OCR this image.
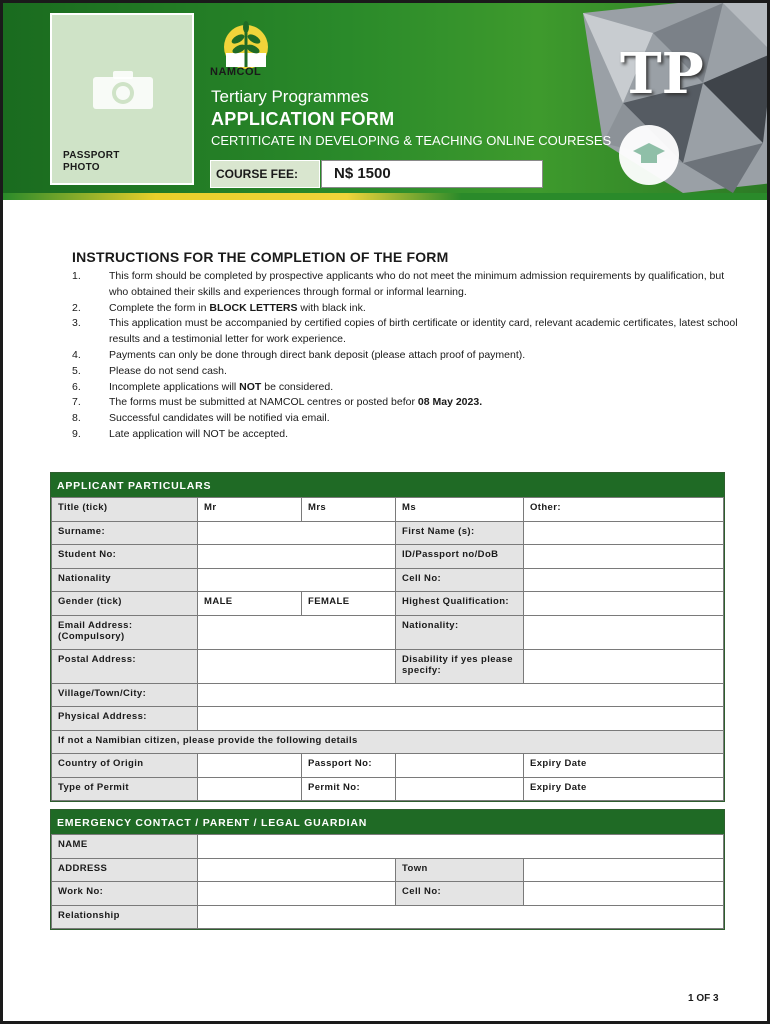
TP
PASSPORT
PHOTO
NAMCOL
Tertiary Programmes
APPLICATION FORM
CERTITICATE IN DEVELOPING & TEACHING ONLINE COURESES
COURSE FEE:	N$ 1500
INSTRUCTIONS FOR THE COMPLETION OF THE FORM
1.	This form should be completed by prospective applicants who do not meet the minimum admission requirements by qualification, but who obtained their skills and experiences through formal or informal learning.
2.	Complete the form in BLOCK LETTERS with black ink.
3.	This application must be accompanied by certified copies of birth certificate or identity card, relevant academic certificates, latest school results and a testimonial letter for work experience.
4.	Payments can only be done through direct bank deposit (please attach proof of payment).
5.	Please do not send cash.
6.	Incomplete applications will NOT be considered.
7.	The forms must be submitted at NAMCOL centres or posted befor 08 May 2023.
8.	Successful candidates will be notified via email.
9.	Late application will NOT be accepted.
APPLICANT PARTICULARS
Title (tick)	Mr	Mrs	Ms	Other:
Surname:			First Name (s):	
Student No:			ID/Passport no/DoB	
Nationality			Cell No:	
Gender (tick)	MALE	FEMALE	Highest Qualification:	

Email Address:
(Compulsory)			Nationality:	
Postal Address:			Disability if yes please
specify:	

Village/Town/City:				
Physical Address:				
If not a Namibian citizen, please provide the following details				
Country of Origin		Passport No:		Expiry Date
Type of Permit		Permit No:		Expiry Date
EMERGENCY CONTACT / PARENT / LEGAL GUARDIAN
NAME			
ADDRESS		Town	
Work No:		Cell No:	
Relationship			
1 OF 3
